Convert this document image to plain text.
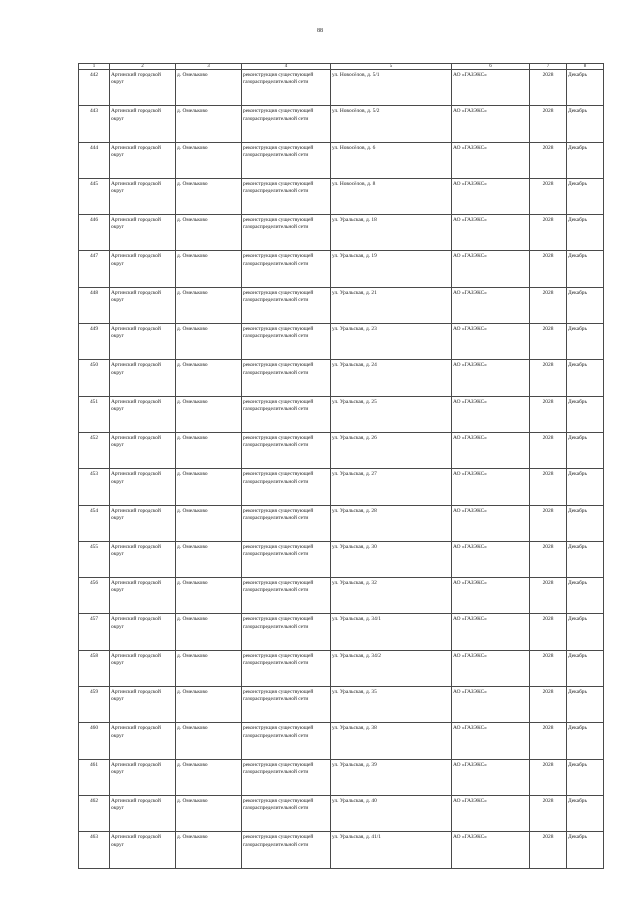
88
1	2	3	4	5	6	7	8
442	Артинский городской округ	д. Омельково	реконструкция существующей газораспределительной сети	ул. Новосёлов, д. 5/1	АО «ГАЗЭКС»	2028	Декабрь
443	Артинский городской округ	д. Омельково	реконструкция существующей газораспределительной сети	ул. Новосёлов, д. 5/2	АО «ГАЗЭКС»	2028	Декабрь
444	Артинский городской округ	д. Омельково	реконструкция существующей газораспределительной сети	ул. Новосёлов, д. 6	АО «ГАЗЭКС»	2028	Декабрь
445	Артинский городской округ	д. Омельково	реконструкция существующей газораспределительной сети	ул. Новосёлов, д. 8	АО «ГАЗЭКС»	2028	Декабрь
446	Артинский городской округ	д. Омельково	реконструкция существующей газораспределительной сети	ул. Уральская, д. 18	АО «ГАЗЭКС»	2028	Декабрь
447	Артинский городской округ	д. Омельково	реконструкция существующей газораспределительной сети	ул. Уральская, д. 19	АО «ГАЗЭКС»	2028	Декабрь
448	Артинский городской округ	д. Омельково	реконструкция существующей газораспределительной сети	ул. Уральская, д. 21	АО «ГАЗЭКС»	2028	Декабрь
449	Артинский городской округ	д. Омельково	реконструкция существующей газораспределительной сети	ул. Уральская, д. 23	АО «ГАЗЭКС»	2028	Декабрь
450	Артинский городской округ	д. Омельково	реконструкция существующей газораспределительной сети	ул. Уральская, д. 24	АО «ГАЗЭКС»	2028	Декабрь
451	Артинский городской округ	д. Омельково	реконструкция существующей газораспределительной сети	ул. Уральская, д. 25	АО «ГАЗЭКС»	2028	Декабрь
452	Артинский городской округ	д. Омельково	реконструкция существующей газораспределительной сети	ул. Уральская, д. 26	АО «ГАЗЭКС»	2028	Декабрь
453	Артинский городской округ	д. Омельково	реконструкция существующей газораспределительной сети	ул. Уральская, д. 27	АО «ГАЗЭКС»	2028	Декабрь
454	Артинский городской округ	д. Омельково	реконструкция существующей газораспределительной сети	ул. Уральская, д. 28	АО «ГАЗЭКС»	2028	Декабрь
455	Артинский городской округ	д. Омельково	реконструкция существующей газораспределительной сети	ул. Уральская, д. 30	АО «ГАЗЭКС»	2028	Декабрь
456	Артинский городской округ	д. Омельково	реконструкция существующей газораспределительной сети	ул. Уральская, д. 32	АО «ГАЗЭКС»	2028	Декабрь
457	Артинский городской округ	д. Омельково	реконструкция существующей газораспределительной сети	ул. Уральская, д. 34/1	АО «ГАЗЭКС»	2028	Декабрь
458	Артинский городской округ	д. Омельково	реконструкция существующей газораспределительной сети	ул. Уральская, д. 34/2	АО «ГАЗЭКС»	2028	Декабрь
459	Артинский городской округ	д. Омельково	реконструкция существующей газораспределительной сети	ул. Уральская, д. 35	АО «ГАЗЭКС»	2028	Декабрь
460	Артинский городской округ	д. Омельково	реконструкция существующей газораспределительной сети	ул. Уральская, д. 38	АО «ГАЗЭКС»	2028	Декабрь
461	Артинский городской округ	д. Омельково	реконструкция существующей газораспределительной сети	ул. Уральская, д. 39	АО «ГАЗЭКС»	2028	Декабрь
462	Артинский городской округ	д. Омельково	реконструкция существующей газораспределительной сети	ул. Уральская, д. 40	АО «ГАЗЭКС»	2028	Декабрь
463	Артинский городской округ	д. Омельково	реконструкция существующей газораспределительной сети	ул. Уральская, д. 41/1	АО «ГАЗЭКС»	2028	Декабрь
